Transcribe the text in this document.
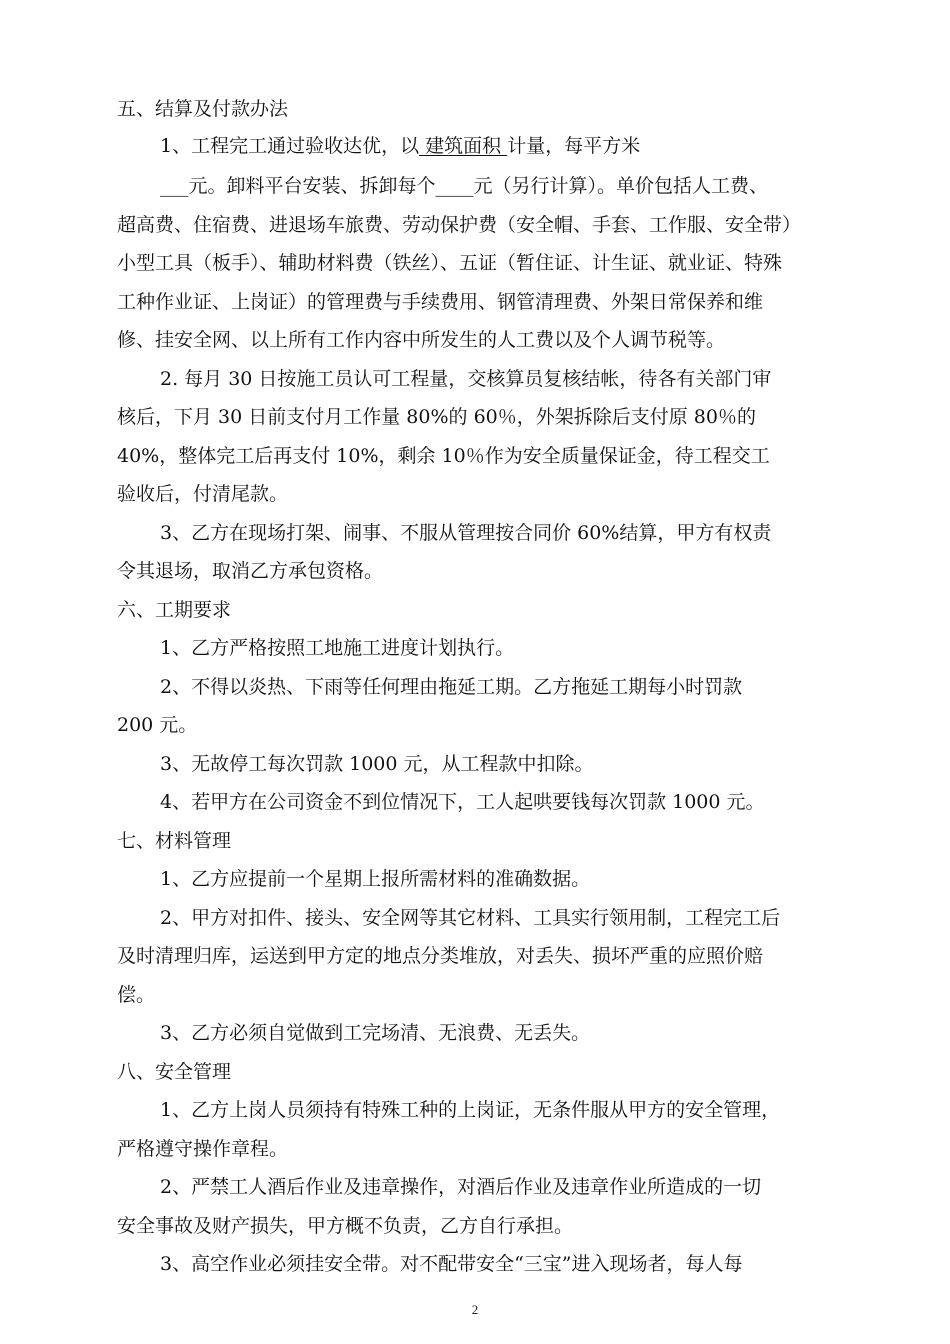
五、结算及付款办法
1、工程完工通过验收达优，以 建筑面积 计量，每平方米
___元。卸料平台安装、拆卸每个____元（另行计算）。单价包括人工费、
超高费、住宿费、进退场车旅费、劳动保护费（安全帽、手套、工作服、安全带）
小型工具（板手）、辅助材料费（铁丝）、五证（暂住证、计生证、就业证、特殊
工种作业证、上岗证）的管理费与手续费用、钢管清理费、外架日常保养和维
修、挂安全网、以上所有工作内容中所发生的人工费以及个人调节税等。
2. 每月 30 日按施工员认可工程量，交核算员复核结帐，待各有关部门审
核后，下月 30 日前支付月工作量 80%的 60％，外架拆除后支付原 80％的
40%，整体完工后再支付 10%，剩余 10％作为安全质量保证金，待工程交工
验收后，付清尾款。
3、乙方在现场打架、闹事、不服从管理按合同价 60%结算，甲方有权责
令其退场，取消乙方承包资格。
六、工期要求
1、乙方严格按照工地施工进度计划执行。
2、不得以炎热、下雨等任何理由拖延工期。乙方拖延工期每小时罚款
200 元。
3、无故停工每次罚款 1000 元，从工程款中扣除。
4、若甲方在公司资金不到位情况下，工人起哄要钱每次罚款 1000 元。
七、材料管理
1、乙方应提前一个星期上报所需材料的准确数据。
2、甲方对扣件、接头、安全网等其它材料、工具实行领用制，工程完工后
及时清理归库，运送到甲方定的地点分类堆放，对丢失、损坏严重的应照价赔
偿。
3、乙方必须自觉做到工完场清、无浪费、无丢失。
八、安全管理
1、乙方上岗人员须持有特殊工种的上岗证，无条件服从甲方的安全管理，
严格遵守操作章程。
2、严禁工人酒后作业及违章操作，对酒后作业及违章作业所造成的一切
安全事故及财产损失，甲方概不负责，乙方自行承担。
3、高空作业必须挂安全带。对不配带安全“三宝”进入现场者，每人每
2
